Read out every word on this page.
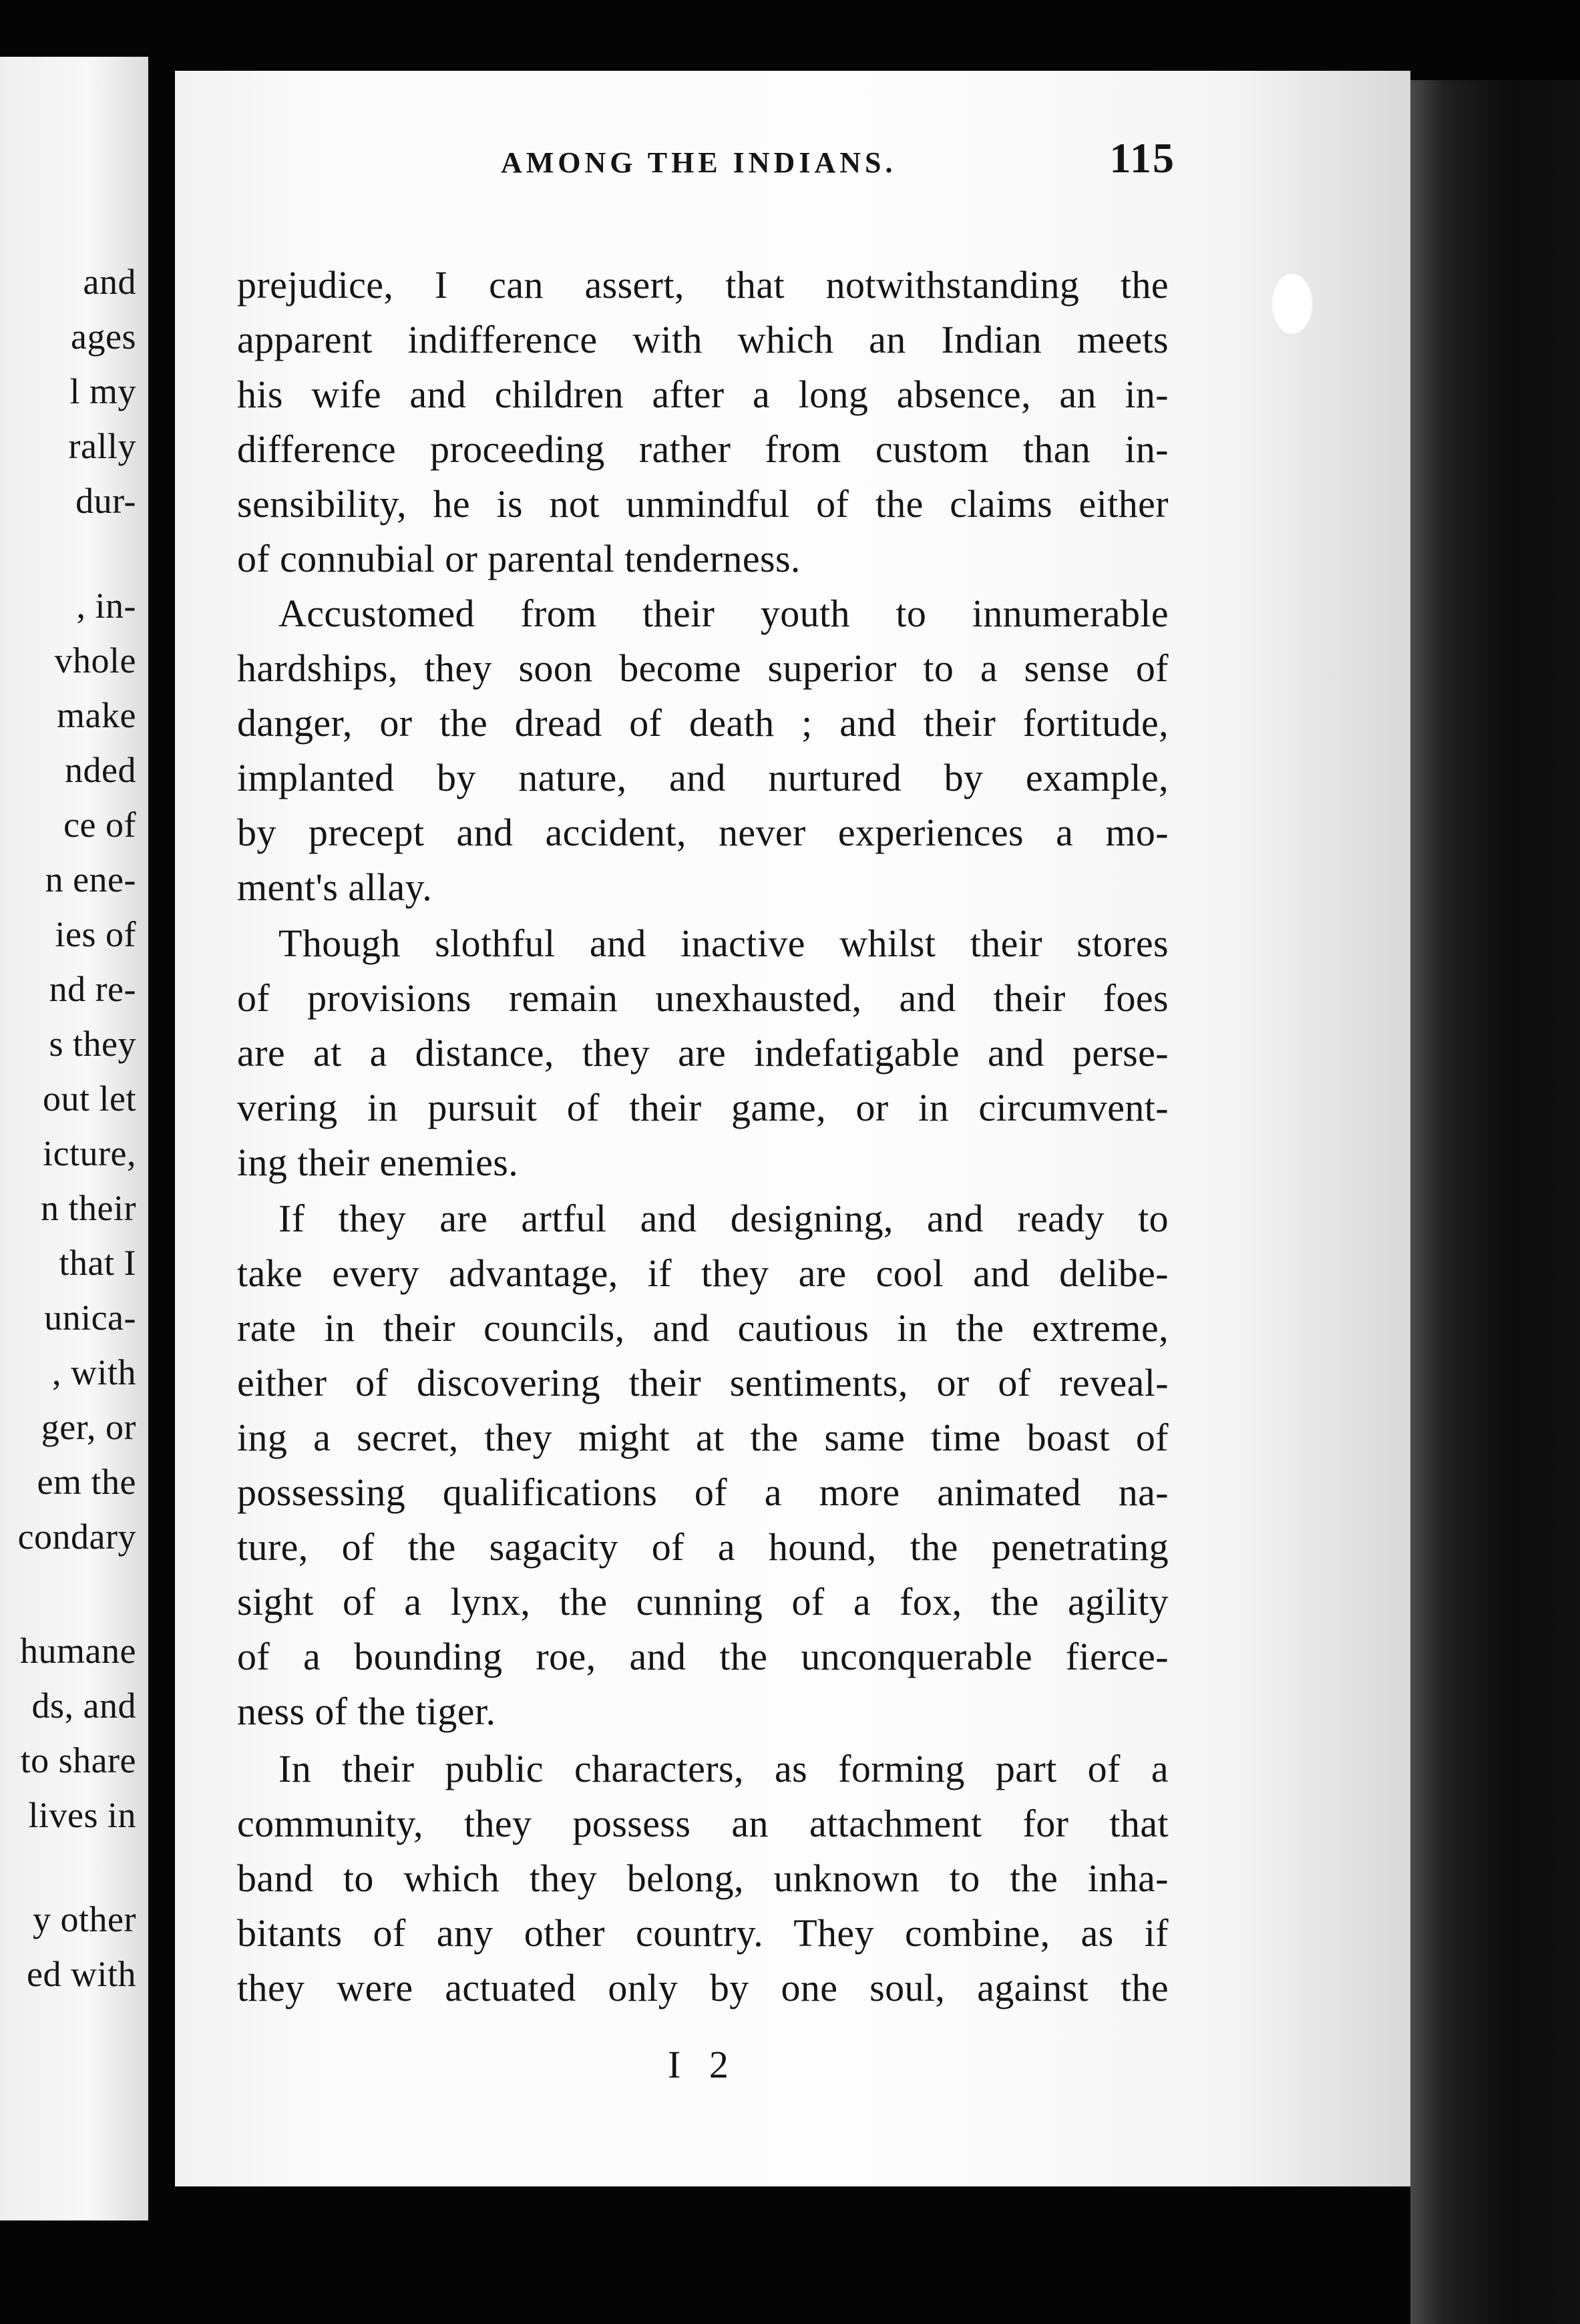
and
ages
l my
rally
dur-
, in-
vhole
make
nded
ce of
n ene-
ies of
nd re-
s they
out let
icture,
n their
that I
unica-
, with
ger, or
em the
condary
humane
ds, and
to share
lives in
y other
ed with
AMONG THE INDIANS.	115
prejudice, I can assert, that notwithstanding the
apparent indifference with which an Indian meets
his wife and children after a long absence, an in-
difference proceeding rather from custom than in-
sensibility, he is not unmindful of the claims either
of connubial or parental tenderness.
Accustomed from their youth to innumerable
hardships, they soon become superior to a sense of
danger, or the dread of death ; and their fortitude,
implanted by nature, and nurtured by example,
by precept and accident, never experiences a mo-
ment's allay.
Though slothful and inactive whilst their stores
of provisions remain unexhausted, and their foes
are at a distance, they are indefatigable and perse-
vering in pursuit of their game, or in circumvent-
ing their enemies.
If they are artful and designing, and ready to
take every advantage, if they are cool and delibe-
rate in their councils, and cautious in the extreme,
either of discovering their sentiments, or of reveal-
ing a secret, they might at the same time boast of
possessing qualifications of a more animated na-
ture, of the sagacity of a hound, the penetrating
sight of a lynx, the cunning of a fox, the agility
of a bounding roe, and the unconquerable fierce-
ness of the tiger.
In their public characters, as forming part of a
community, they possess an attachment for that
band to which they belong, unknown to the inha-
bitants of any other country. They combine, as if
they were actuated only by one soul, against the
I 2
